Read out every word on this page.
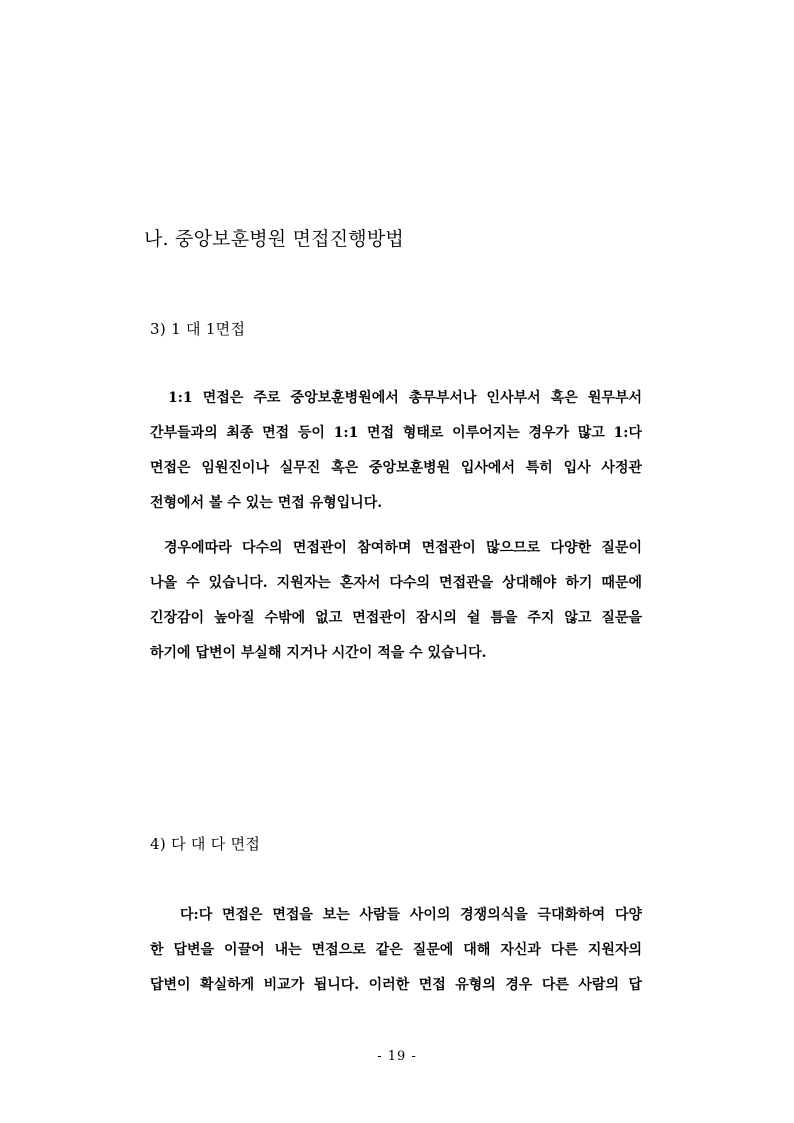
나. 중앙보훈병원 면접진행방법
3) 1 대 1면접
1:1 면접은 주로 중앙보훈병원에서 총무부서나 인사부서 혹은 원무부서
간부들과의 최종 면접 등이 1:1 면접 형태로 이루어지는 경우가 많고 1:다
면접은 임원진이나 실무진 혹은 중앙보훈병원 입사에서 특히 입사 사정관
전형에서 볼 수 있는 면접 유형입니다.
경우에따라 다수의 면접관이 참여하며 면접관이 많으므로 다양한 질문이
나올 수 있습니다. 지원자는 혼자서 다수의 면접관을 상대해야 하기 때문에
긴장감이 높아질 수밖에 없고 면접관이 잠시의 쉴 틈을 주지 않고 질문을
하기에 답변이 부실해 지거나 시간이 적을 수 있습니다.
4) 다 대 다 면접
다:다 면접은 면접을 보는 사람들 사이의 경쟁의식을 극대화하여 다양
한 답변을 이끌어 내는 면접으로 같은 질문에 대해 자신과 다른 지원자의
답변이 확실하게 비교가 됩니다. 이러한 면접 유형의 경우 다른 사람의 답
- 19 -
